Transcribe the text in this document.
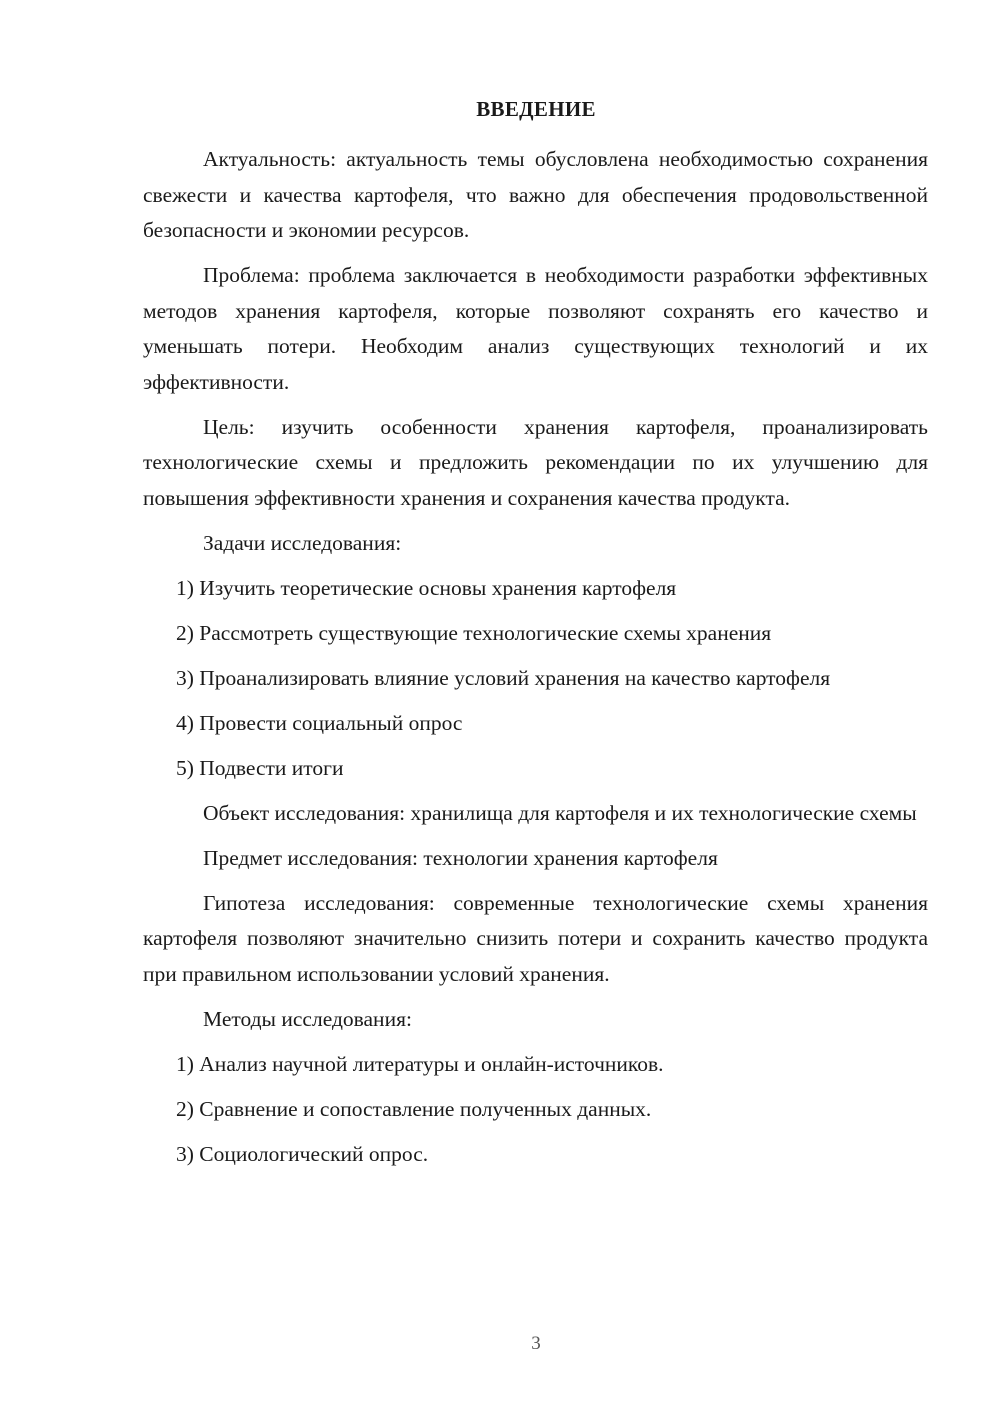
ВВЕДЕНИЕ

Актуальность: актуальность темы обусловлена необходимостью сохранения свежести и качества картофеля, что важно для обеспечения продовольственной безопасности и экономии ресурсов.

Проблема: проблема заключается в необходимости разработки эффективных методов хранения картофеля, которые позволяют сохранять его качество и уменьшать потери. Необходим анализ существующих технологий и их эффективности.

Цель: изучить особенности хранения картофеля, проанализировать технологические схемы и предложить рекомендации по их улучшению для повышения эффективности хранения и сохранения качества продукта.

Задачи исследования:

1) Изучить теоретические основы хранения картофеля

2) Рассмотреть существующие технологические схемы хранения

3) Проанализировать влияние условий хранения на качество картофеля

4) Провести социальный опрос

5) Подвести итоги

Объект исследования: хранилища для картофеля и их технологические схемы

Предмет исследования: технологии хранения картофеля

Гипотеза исследования: современные технологические схемы хранения картофеля позволяют значительно снизить потери и сохранить качество продукта при правильном использовании условий хранения.

Методы исследования:

1) Анализ научной литературы и онлайн-источников.

2) Сравнение и сопоставление полученных данных.

3) Социологический опрос.

3
